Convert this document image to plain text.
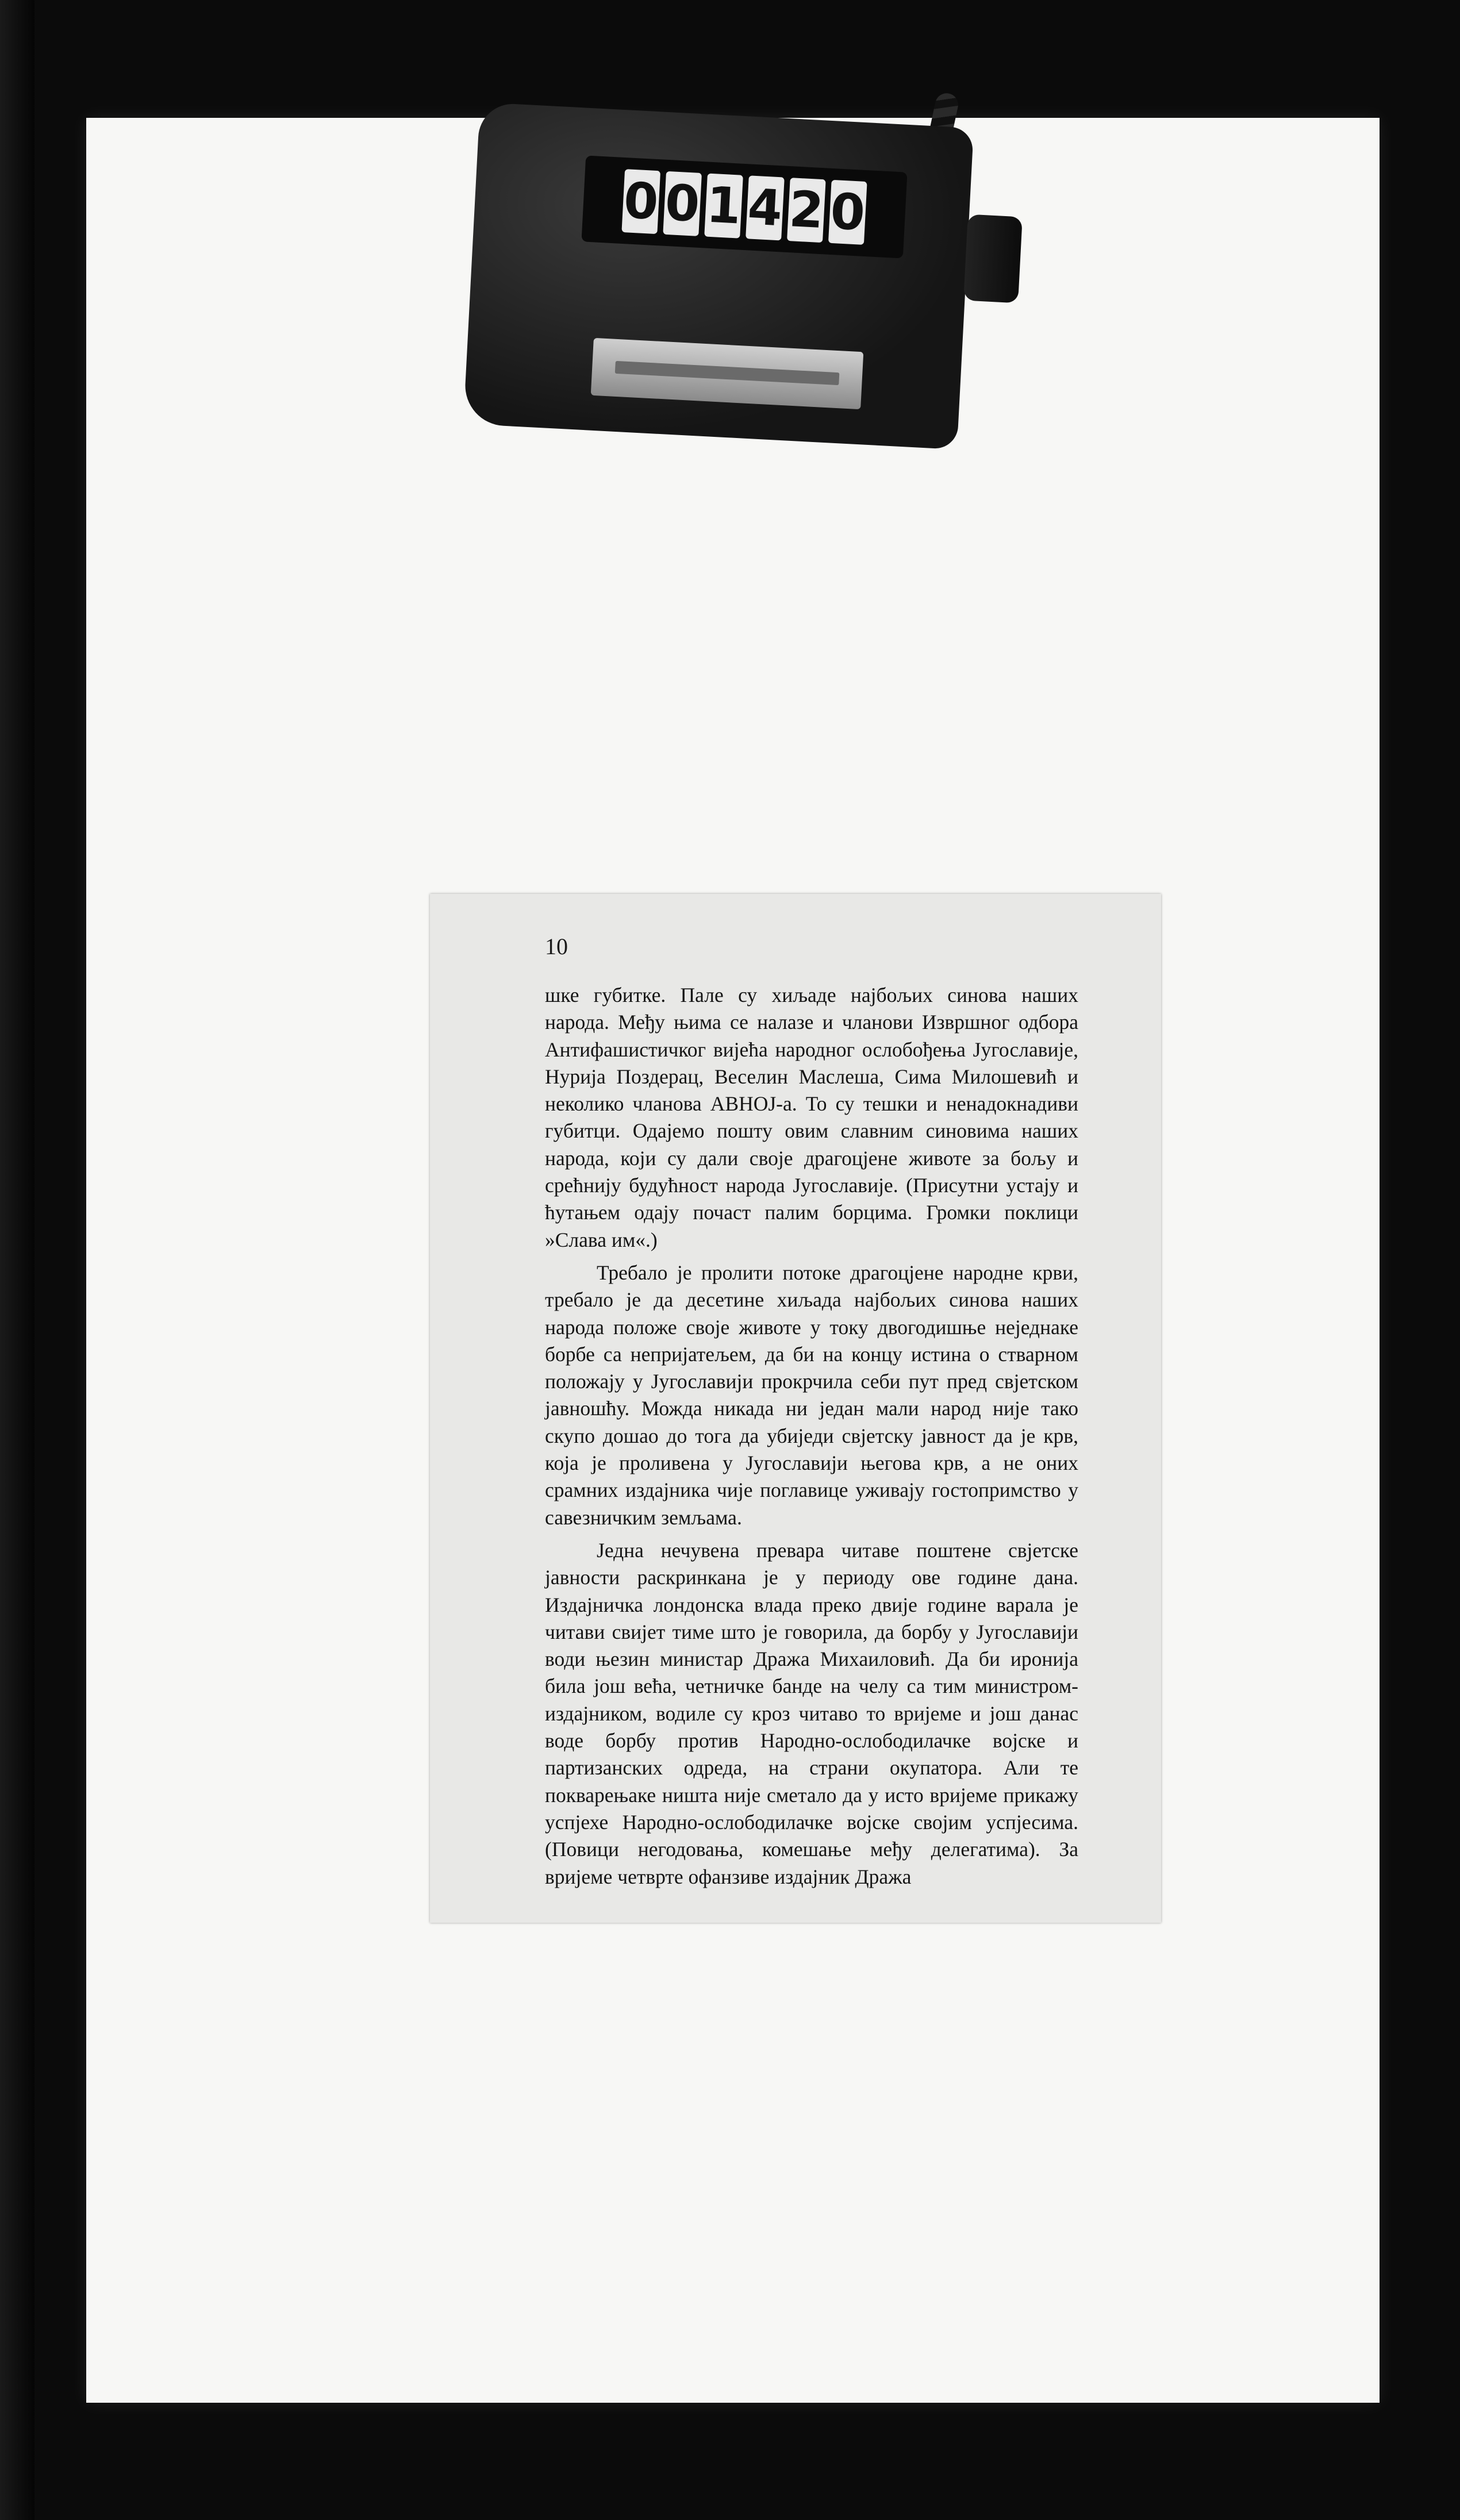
0 0 1 4 2 0
10

шке губитке. Пале су хиљаде најбољих синова наших народа. Међу њима се налазе и чланови Извршног одбора Антифашистичког вијећа народног ослобођења Југославије, Нурија Поздерац, Веселин Маслеша, Сима Милошевић и неколико чланова АВНОЈ-а. То су тешки и ненадокнадиви губитци. Одајемо пошту овим славним синовима наших народа, који су дали своје драгоцјене животе за бољу и срећнију будућност народа Југославије. (Присутни устају и ћутањем одају почаст палим борцима. Громки поклици »Слава им«.)

Требало је пролити потоке драгоцјене народне крви, требало је да десетине хиљада најбољих синова наших народа положе своје животе у току двогодишње неједнаке борбе са непријатељем, да би на концу истина о стварном положају у Југославији прокрчила себи пут пред свјетском јавношћу. Можда никада ни један мали народ није тако скупо дошао до тога да убиједи свјетску јавност да је крв, која је проливена у Југославији његова крв, а не оних срамних издајника чије поглавице уживају гостопримство у савезничким земљама.

Једна нечувена превара читаве поштене свјетске јавности раскринкана је у периоду ове године дана. Издајничка лондонска влада преко двије године варала је читави свијет тиме што је говорила, да борбу у Југославији води њезин министар Дража Михаиловић. Да би иронија била још већа, четничке банде на челу са тим министром-издајником, водиле су кроз читаво то вријеме и још данас воде борбу против Народно-ослободилачке војске и партизанских одреда, на страни окупатора. Али те покварењаке ништа није сметало да у исто вријеме прикажу успјехе Народно-ослободилачке војске својим успјесима. (Повици негодовања, комешање међу делегатима). За вријеме четврте офанзиве издајник Дража
